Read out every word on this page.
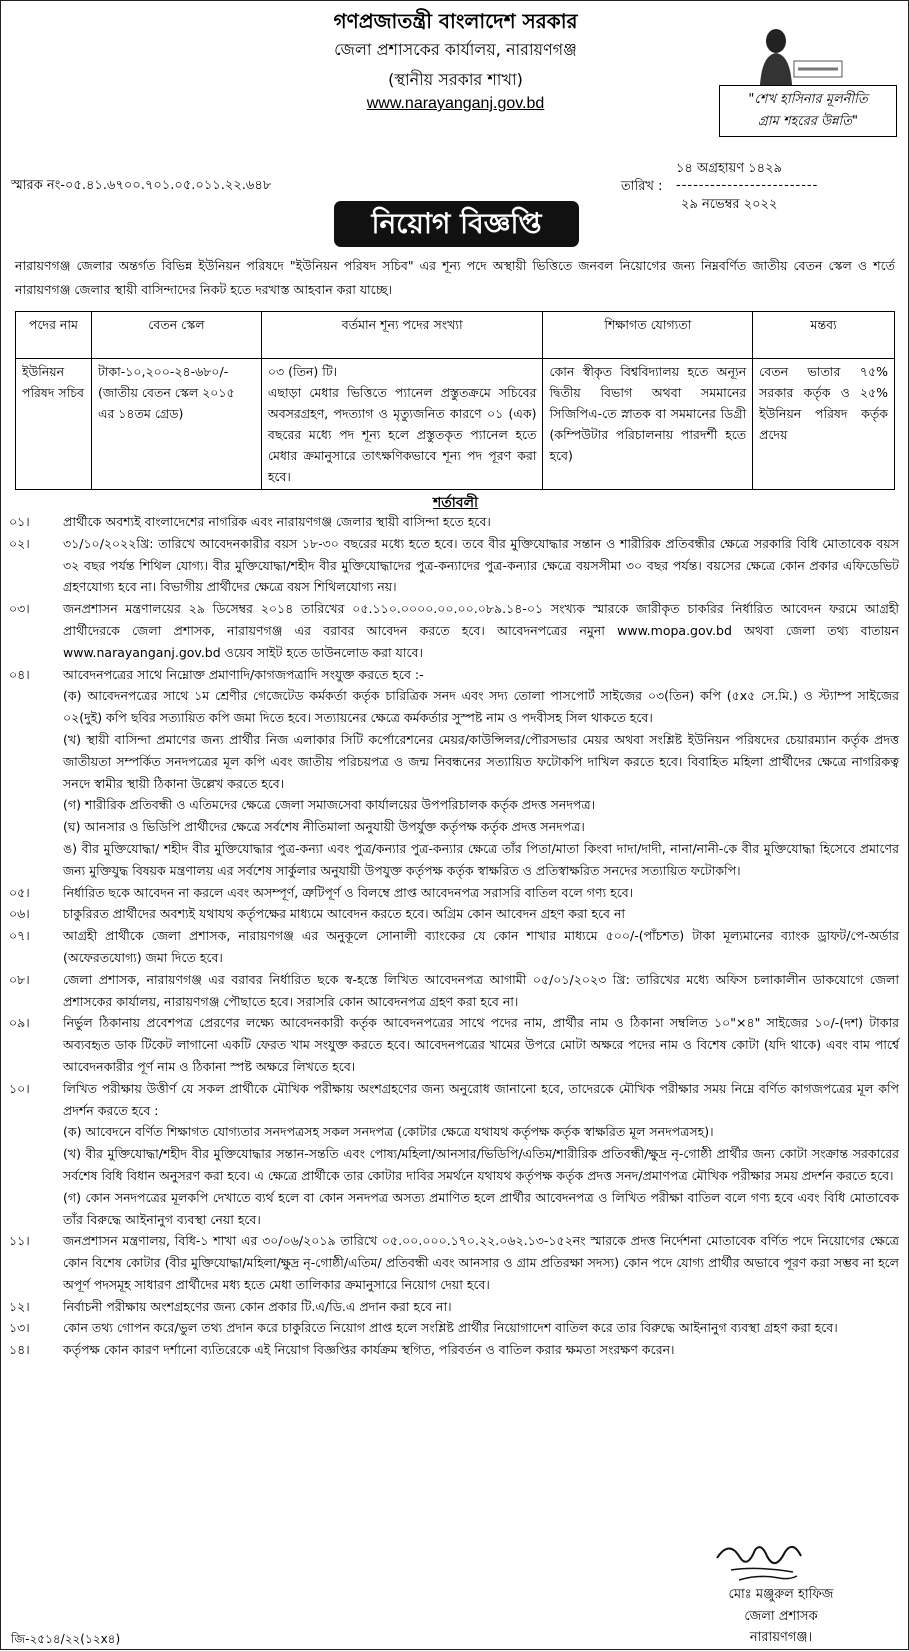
গণপ্রজাতন্ত্রী বাংলাদেশ সরকার
জেলা প্রশাসকের কার্যালয়, নারায়ণগঞ্জ
(স্থানীয় সরকার শাখা)
www.narayanganj.gov.bd	"শেখ হাসিনার মূলনীতি
গ্রাম শহরের উন্নতি"
স্মারক নং-০৫.৪১.৬৭০০.৭০১.০৫.০১১.২২.৬৪৮
১৪ অগ্রহায়ণ ১৪২৯
তারিখ : -------------------------
২৯ নভেম্বর ২০২২
নিয়োগ বিজ্ঞপ্তি
নারায়ণগঞ্জ জেলার অন্তর্গত বিভিন্ন ইউনিয়ন পরিষদে "ইউনিয়ন পরিষদ সচিব" এর শূন্য পদে অস্থায়ী ভিত্তিতে জনবল নিয়োগের জন্য নিম্নবর্ণিত জাতীয় বেতন স্কেল ও শর্তে নারায়ণগঞ্জ জেলার স্থায়ী বাসিন্দাদের নিকট হতে দরখাস্ত আহবান করা যাচ্ছে।
পদের নাম	বেতন স্কেল	বর্তমান শূন্য পদের সংখ্যা	শিক্ষাগত যোগ্যতা	মন্তব্য
ইউনিয়ন পরিষদ সচিব	টাকা-১০,২০০-২৪-৬৮০/- (জাতীয় বেতন স্কেল ২০১৫ এর ১৪তম গ্রেড)	০৩ (তিন) টি।
এছাড়া মেধার ভিত্তিতে প্যানেল প্রস্তুতক্রমে সচিবের অবসরগ্রহণ, পদত্যাগ ও মৃত্যুজনিত কারণে ০১ (এক) বছরের মধ্যে পদ শূন্য হলে প্রস্তুতকৃত প্যানেল হতে মেধার ক্রমানুসারে তাৎক্ষণিকভাবে শূন্য পদ পূরণ করা হবে।	কোন স্বীকৃত বিশ্ববিদ্যালয় হতে অন্যূন দ্বিতীয় বিভাগ অথবা সমমানের সিজিপিএ-তে স্নাতক বা সমমানের ডিগ্রী (কম্পিউটার পরিচালনায় পারদর্শী হতে হবে)	বেতন ভাতার ৭৫% সরকার কর্তৃক ও ২৫% ইউনিয়ন পরিষদ কর্তৃক প্রদেয়
শর্তাবলী
০১।	প্রার্থীকে অবশ্যই বাংলাদেশের নাগরিক এবং নারায়ণগঞ্জ জেলার স্থায়ী বাসিন্দা হতে হবে।
০২।	৩১/১০/২০২২খ্রি: তারিখে আবেদনকারীর বয়স ১৮-৩০ বছরের মধ্যে হতে হবে। তবে বীর মুক্তিযোদ্ধার সন্তান ও শারীরিক প্রতিবন্ধীর ক্ষেত্রে সরকারি বিধি মোতাবেক বয়স ৩২ বছর পর্যন্ত শিথিল যোগ্য। বীর মুক্তিযোদ্ধা/শহীদ বীর মুক্তিযোদ্ধাদের পুত্র-কন্যাদের পুত্র-কন্যার ক্ষেত্রে বয়সসীমা ৩০ বছর পর্যন্ত। বয়সের ক্ষেত্রে কোন প্রকার এফিডেভিট গ্রহণযোগ্য হবে না। বিভাগীয় প্রার্থীদের ক্ষেত্রে বয়স শিথিলযোগ্য নয়।
০৩।	জনপ্রশাসন মন্ত্রণালয়ের ২৯ ডিসেম্বর ২০১৪ তারিখের ০৫.১১০.০০০০.০০.০০.০৮৯.১৪-০১ সংখ্যক স্মারকে জারীকৃত চাকরির নির্ধারিত আবেদন ফরমে আগ্রহী প্রার্থীদেরকে জেলা প্রশাসক, নারায়ণগঞ্জ এর বরাবর আবেদন করতে হবে। আবেদনপত্রের নমুনা www.mopa.gov.bd অথবা জেলা তথ্য বাতায়ন www.narayanganj.gov.bd ওয়েব সাইট হতে ডাউনলোড করা যাবে।
০৪।	আবেদনপত্রের সাথে নিম্নোক্ত প্রমাণাদি/কাগজপত্রাদি সংযুক্ত করতে হবে :-
(ক) আবেদনপত্রের সাথে ১ম শ্রেণীর গেজেটেড কর্মকর্তা কর্তৃক চারিত্রিক সনদ এবং সদ্য তোলা পাসপোর্ট সাইজের ০৩(তিন) কপি (৫x৫ সে.মি.) ও স্ট্যাম্প সাইজের ০২(দুই) কপি ছবির সত্যায়িত কপি জমা দিতে হবে। সত্যায়নের ক্ষেত্রে কর্মকর্তার সুস্পষ্ট নাম ও পদবীসহ সিল থাকতে হবে।
(খ) স্থায়ী বাসিন্দা প্রমাণের জন্য প্রার্থীর নিজ এলাকার সিটি কর্পোরেশনের মেয়র/কাউন্সিলর/পৌরসভার মেয়র অথবা সংশ্লিষ্ট ইউনিয়ন পরিষদের চেয়ারম্যান কর্তৃক প্রদত্ত জাতীয়তা সম্পর্কিত সনদপত্রের মূল কপি এবং জাতীয় পরিচয়পত্র ও জন্ম নিবন্ধনের সত্যায়িত ফটোকপি দাখিল করতে হবে। বিবাহিত মহিলা প্রার্থীদের ক্ষেত্রে নাগরিকত্ব সনদে স্বামীর স্থায়ী ঠিকানা উল্লেখ করতে হবে।
(গ) শারীরিক প্রতিবন্ধী ও এতিমদের ক্ষেত্রে জেলা সমাজসেবা কার্যালয়ের উপপরিচালক কর্তৃক প্রদত্ত সনদপত্র।
(ঘ) আনসার ও ভিডিপি প্রার্থীদের ক্ষেত্রে সর্বশেষ নীতিমালা অনুযায়ী উপর্যুক্ত কর্তৃপক্ষ কর্তৃক প্রদত্ত সনদপত্র।
ঙ) বীর মুক্তিযোদ্ধা/ শহীদ বীর মুক্তিযোদ্ধার পুত্র-কন্যা এবং পুত্র/কন্যার পুত্র-কন্যার ক্ষেত্রে তাঁর পিতা/মাতা কিংবা দাদা/দাদী, নানা/নানী-কে বীর মুক্তিযোদ্ধা হিসেবে প্রমাণের জন্য মুক্তিযুদ্ধ বিষয়ক মন্ত্রণালয় এর সর্বশেষ সার্কুলার অনুযায়ী উপযুক্ত কর্তৃপক্ষ কর্তৃক স্বাক্ষরিত ও প্রতিস্বাক্ষরিত সনদের সত্যায়িত ফটোকপি।
০৫।	নির্ধারিত ছকে আবেদন না করলে এবং অসম্পূর্ণ, ত্রুটিপূর্ণ ও বিলম্বে প্রাপ্ত আবেদনপত্র সরাসরি বাতিল বলে গণ্য হবে।
০৬।	চাকুরিরত প্রার্থীদের অবশ্যই যথাযথ কর্তৃপক্ষের মাধ্যমে আবেদন করতে হবে। অগ্রিম কোন আবেদন গ্রহণ করা হবে না
০৭।	আগ্রহী প্রার্থীকে জেলা প্রশাসক, নারায়ণগঞ্জ এর অনুকূলে সোনালী ব্যাংকের যে কোন শাখার মাধ্যমে ৫০০/-(পাঁচশত) টাকা মূল্যমানের ব্যাংক ড্রাফট/পে-অর্ডার (অফেরতযোগ্য) জমা দিতে হবে।
০৮।	জেলা প্রশাসক, নারায়ণগঞ্জ এর বরাবর নির্ধারিত ছকে স্ব-হস্তে লিখিত আবেদনপত্র আগামী ০৫/০১/২০২৩ খ্রি: তারিখের মধ্যে অফিস চলাকালীন ডাকযোগে জেলা প্রশাসকের কার্যালয়, নারায়ণগঞ্জ পৌছাতে হবে। সরাসরি কোন আবেদনপত্র গ্রহণ করা হবে না।
০৯।	নির্ভুল ঠিকানায় প্রবেশপত্র প্রেরণের লক্ষ্যে আবেদনকারী কর্তৃক আবেদনপত্রের সাথে পদের নাম, প্রার্থীর নাম ও ঠিকানা সম্বলিত ১০"×৪" সাইজের ১০/-(দশ) টাকার অব্যবহৃত ডাক টিকেট লাগানো একটি ফেরত খাম সংযুক্ত করতে হবে। আবেদনপত্রের খামের উপরে মোটা অক্ষরে পদের নাম ও বিশেষ কোটা (যদি থাকে) এবং বাম পার্শ্বে আবেদনকারীর পূর্ণ নাম ও ঠিকানা স্পষ্ট অক্ষরে লিখতে হবে।
১০।	লিখিত পরীক্ষায় উত্তীর্ণ যে সকল প্রার্থীকে মৌখিক পরীক্ষায় অংশগ্রহণের জন্য অনুরোধ জানানো হবে, তাদেরকে মৌখিক পরীক্ষার সময় নিম্নে বর্ণিত কাগজপত্রের মূল কপি প্রদর্শন করতে হবে :
(ক) আবেদনে বর্ণিত শিক্ষাগত যোগ্যতার সনদপত্রসহ সকল সনদপত্র (কোটার ক্ষেত্রে যথাযথ কর্তৃপক্ষ কর্তৃক স্বাক্ষরিত মূল সনদপত্রসহ)।
(খ) বীর মুক্তিযোদ্ধা/শহীদ বীর মুক্তিযোদ্ধার সন্তান-সন্ততি এবং পোষ্য/মহিলা/আনসার/ভিডিপি/এতিম/শারীরিক প্রতিবন্ধী/ক্ষুদ্র নৃ-গোষ্ঠী প্রার্থীর জন্য কোটা সংক্রান্ত সরকারের সর্বশেষ বিধি বিধান অনুসরণ করা হবে। এ ক্ষেত্রে প্রার্থীকে তার কোটার দাবির সমর্থনে যথাযথ কর্তৃপক্ষ কর্তৃক প্রদত্ত সনদ/প্রমাণপত্র মৌখিক পরীক্ষার সময় প্রদর্শন করতে হবে।
(গ) কোন সনদপত্রের মূলকপি দেখাতে ব্যর্থ হলে বা কোন সনদপত্র অসত্য প্রমাণিত হলে প্রার্থীর আবেদনপত্র ও লিখিত পরীক্ষা বাতিল বলে গণ্য হবে এবং বিধি মোতাবেক তাঁর বিরুদ্ধে আইনানুগ ব্যবস্থা নেয়া হবে।
১১।	জনপ্রশাসন মন্ত্রণালয়, বিধি-১ শাখা এর ৩০/০৬/২০১৯ তারিখে ০৫.০০.০০০.১৭০.২২.০৬২.১৩-১৫২নং স্মারকে প্রদত্ত নির্দেশনা মোতাবেক বর্ণিত পদে নিয়োগের ক্ষেত্রে কোন বিশেষ কোটার (বীর মুক্তিযোদ্ধা/মহিলা/ক্ষুদ্র নৃ-গোষ্ঠী/এতিম/ প্রতিবন্ধী এবং আনসার ও গ্রাম প্রতিরক্ষা সদস্য) কোন পদে যোগ্য প্রার্থীর অভাবে পূরণ করা সম্ভব না হলে অপূর্ণ পদসমূহ সাধারণ প্রার্থীদের মধ্য হতে মেধা তালিকার ক্রমানুসারে নিয়োগ দেয়া হবে।
১২।	নির্বাচনী পরীক্ষায় অংশগ্রহণের জন্য কোন প্রকার টি.এ/ডি.এ প্রদান করা হবে না।
১৩।	কোন তথ্য গোপন করে/ভুল তথ্য প্রদান করে চাকুরিতে নিয়োগ প্রাপ্ত হলে সংশ্লিষ্ট প্রার্থীর নিয়োগাদেশ বাতিল করে তার বিরুদ্ধে আইনানুগ ব্যবস্থা গ্রহণ করা হবে।
১৪।	কর্তৃপক্ষ কোন কারণ দর্শানো ব্যতিরেকে এই নিয়োগ বিজ্ঞপ্তির কার্যক্রম স্থগিত, পরিবর্তন ও বাতিল করার ক্ষমতা সংরক্ষণ করেন।
মোঃ মঞ্জুরুল হাফিজ
জেলা প্রশাসক
নারায়ণগঞ্জ।
জি-২৫১৪/২২(১২x৪)
